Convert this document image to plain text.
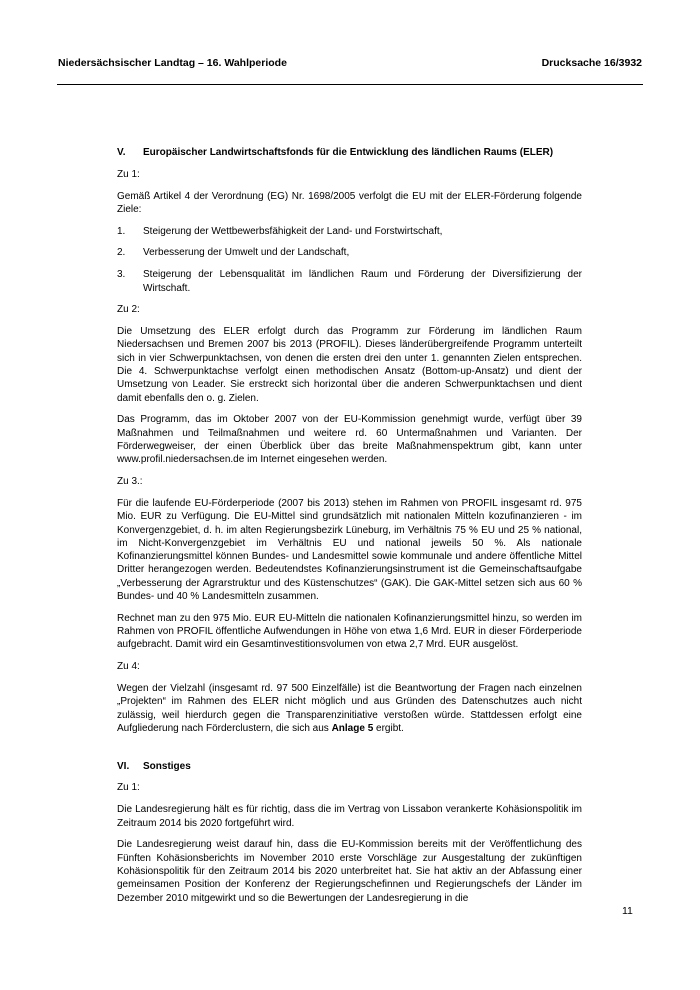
Niedersächsischer Landtag – 16. Wahlperiode	Drucksache 16/3932
V.	Europäischer Landwirtschaftsfonds für die Entwicklung des ländlichen Raums (ELER)

Zu 1:

Gemäß Artikel 4 der Verordnung (EG) Nr. 1698/2005 verfolgt die EU mit der ELER-Förderung folgende Ziele:

1.	Steigerung der Wettbewerbsfähigkeit der Land- und Forstwirtschaft,
2.	Verbesserung der Umwelt und der Landschaft,
3.	Steigerung der Lebensqualität im ländlichen Raum und Förderung der Diversifizierung der Wirtschaft.

Zu 2:

Die Umsetzung des ELER erfolgt durch das Programm zur Förderung im ländlichen Raum Niedersachsen und Bremen 2007 bis 2013 (PROFIL). Dieses länderübergreifende Programm unterteilt sich in vier Schwerpunktachsen, von denen die ersten drei den unter 1. genannten Zielen entsprechen. Die 4. Schwerpunktachse verfolgt einen methodischen Ansatz (Bottom-up-Ansatz) und dient der Umsetzung von Leader. Sie erstreckt sich horizontal über die anderen Schwerpunktachsen und dient damit ebenfalls den o. g. Zielen.

Das Programm, das im Oktober 2007 von der EU-Kommission genehmigt wurde, verfügt über 39 Maßnahmen und Teilmaßnahmen und weitere rd. 60 Untermaßnahmen und Varianten. Der Förderwegweiser, der einen Überblick über das breite Maßnahmenspektrum gibt, kann unter www.profil.niedersachsen.de im Internet eingesehen werden.

Zu 3.:

Für die laufende EU-Förderperiode (2007 bis 2013) stehen im Rahmen von PROFIL insgesamt rd. 975 Mio. EUR zu Verfügung. Die EU-Mittel sind grundsätzlich mit nationalen Mitteln kozufinanzieren - im Konvergenzgebiet, d. h. im alten Regierungsbezirk Lüneburg, im Verhältnis 75 % EU und 25 % national, im Nicht-Konvergenzgebiet im Verhältnis EU und national jeweils 50 %. Als nationale Kofinanzierungsmittel können Bundes- und Landesmittel sowie kommunale und andere öffentliche Mittel Dritter herangezogen werden. Bedeutendstes Kofinanzierungsinstrument ist die Gemeinschaftsaufgabe „Verbesserung der Agrarstruktur und des Küstenschutzes“ (GAK). Die GAK-Mittel setzen sich aus 60 % Bundes- und 40 % Landesmitteln zusammen.

Rechnet man zu den 975 Mio. EUR EU-Mitteln die nationalen Kofinanzierungsmittel hinzu, so werden im Rahmen von PROFIL öffentliche Aufwendungen in Höhe von etwa 1,6 Mrd. EUR in dieser Förderperiode aufgebracht. Damit wird ein Gesamtinvestitionsvolumen von etwa 2,7 Mrd. EUR ausgelöst.

Zu 4:

Wegen der Vielzahl (insgesamt rd. 97 500 Einzelfälle) ist die Beantwortung der Fragen nach einzelnen „Projekten“ im Rahmen des ELER nicht möglich und aus Gründen des Datenschutzes auch nicht zulässig, weil hierdurch gegen die Transparenzinitiative verstoßen würde. Stattdessen erfolgt eine Aufgliederung nach Förderclustern, die sich aus Anlage 5 ergibt.

VI.	Sonstiges

Zu 1:

Die Landesregierung hält es für richtig, dass die im Vertrag von Lissabon verankerte Kohäsionspolitik im Zeitraum 2014 bis 2020 fortgeführt wird.

Die Landesregierung weist darauf hin, dass die EU-Kommission bereits mit der Veröffentlichung des Fünften Kohäsionsberichts im November 2010 erste Vorschläge zur Ausgestaltung der zukünftigen Kohäsionspolitik für den Zeitraum 2014 bis 2020 unterbreitet hat. Sie hat aktiv an der Abfassung einer gemeinsamen Position der Konferenz der Regierungschefinnen und Regierungschefs der Länder im Dezember 2010 mitgewirkt und so die Bewertungen der Landesregierung in die

11
